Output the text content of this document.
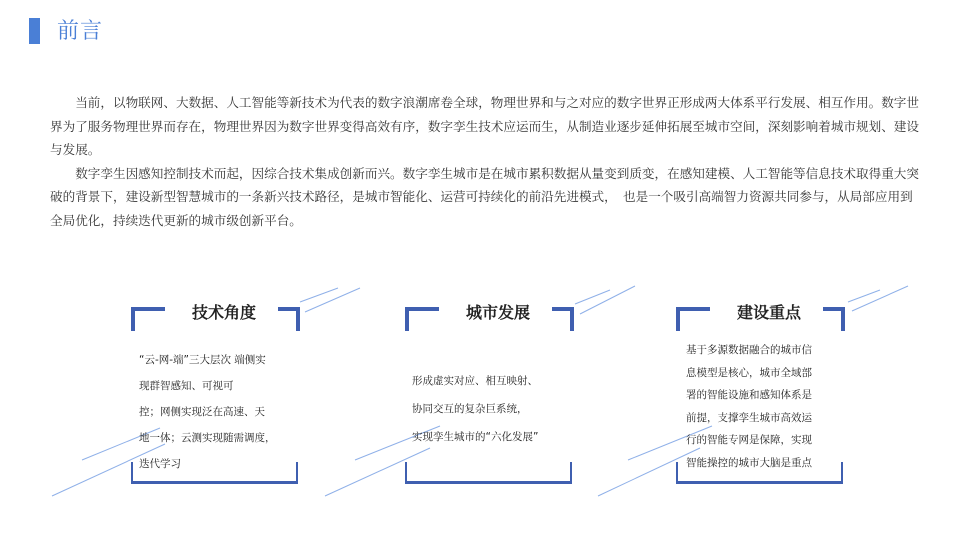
前言

当前，以物联网、大数据、人工智能等新技术为代表的数字浪潮席卷全球，物理世界和与之对应的数字世界正形成两大体系平行发展、相互作用。数字世界为了服务物理世界而存在，物理世界因为数字世界变得高效有序，数字孪生技术应运而生，从制造业逐步延伸拓展至城市空间，深刻影响着城市规划、建设与发展。

数字孪生因感知控制技术而起，因综合技术集成创新而兴。数字孪生城市是在城市累积数据从量变到质变，在感知建模、人工智能等信息技术取得重大突破的背景下，建设新型智慧城市的一条新兴技术路径，是城市智能化、运营可持续化的前沿先进模式，　也是一个吸引高端智力资源共同参与，从局部应用到全局优化，持续迭代更新的城市级创新平台。

技术角度
“云-网-端”三大层次 端侧实
现群智感知、可视可
控；网侧实现泛在高速、天
地一体；云测实现随需调度，
迭代学习
城市发展
形成虚实对应、相互映射、
协同交互的复杂巨系统，
实现孪生城市的“六化发展”
建设重点
基于多源数据融合的城市信
息模型是核心，城市全域部
署的智能设施和感知体系是
前提，支撑孪生城市高效运
行的智能专网是保障，实现
智能操控的城市大脑是重点
